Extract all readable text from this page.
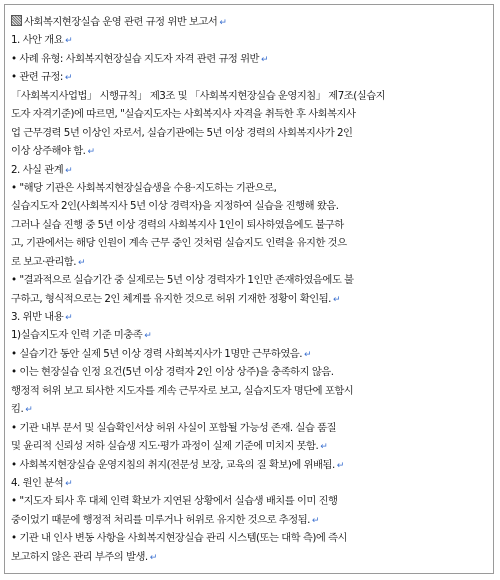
사회복지현장실습 운영 관련 규정 위반 보고서 ↵
1. 사안 개요 ↵
• 사례 유형: 사회복지현장실습 지도자 자격 관련 규정 위반 ↵
• 관련 규정: ↵
「사회복지사업법」 시행규칙」 제3조 및 「사회복지현장실습 운영지침」 제7조(실습지
도자 자격기준)에 따르면, "실습지도자는 사회복지사 자격을 취득한 후 사회복지사
업 근무경력 5년 이상인 자로서, 실습기관에는 5년 이상 경력의 사회복지사가 2인
이상 상주해야 함. ↵
2. 사실 관계 ↵
• "해당 기관은 사회복지현장실습생을 수용·지도하는 기관으로,
실습지도자 2인(사회복지사 5년 이상 경력자)을 지정하여 실습을 진행해 왔음.
그러나 실습 진행 중 5년 이상 경력의 사회복지사 1인이 퇴사하였음에도 불구하
고, 기관에서는 해당 인원이 계속 근무 중인 것처럼 실습지도 인력을 유지한 것으
로 보고·관리함. ↵
• "결과적으로 실습기간 중 실제로는 5년 이상 경력자가 1인만 존재하였음에도 불
구하고, 형식적으로는 2인 체계를 유지한 것으로 허위 기재한 정황이 확인됨. ↵
3. 위반 내용 ↵
1)실습지도자 인력 기준 미충족 ↵
• 실습기간 동안 실제 5년 이상 경력 사회복지사가 1명만 근무하였음. ↵
• 이는 현장실습 인정 요건(5년 이상 경력자 2인 이상 상주)을 충족하지 않음.
행정적 허위 보고 퇴사한 지도자를 계속 근무자로 보고, 실습지도자 명단에 포함시
킴. ↵
• 기관 내부 문서 및 실습확인서상 허위 사실이 포함될 가능성 존재. 실습 품질
및 윤리적 신뢰성 저하 실습생 지도·평가 과정이 실제 기준에 미치지 못함. ↵
• 사회복지현장실습 운영지침의 취지(전문성 보장, 교육의 질 확보)에 위배됨. ↵
4. 원인 분석 ↵
• "지도자 퇴사 후 대체 인력 확보가 지연된 상황에서 실습생 배치를 이미 진행
중이었기 때문에 행정적 처리를 미루거나 허위로 유지한 것으로 추정됨. ↵
• 기관 내 인사 변동 사항을 사회복지현장실습 관리 시스템(또는 대학 측)에 즉시
보고하지 않은 관리 부주의 발생. ↵
